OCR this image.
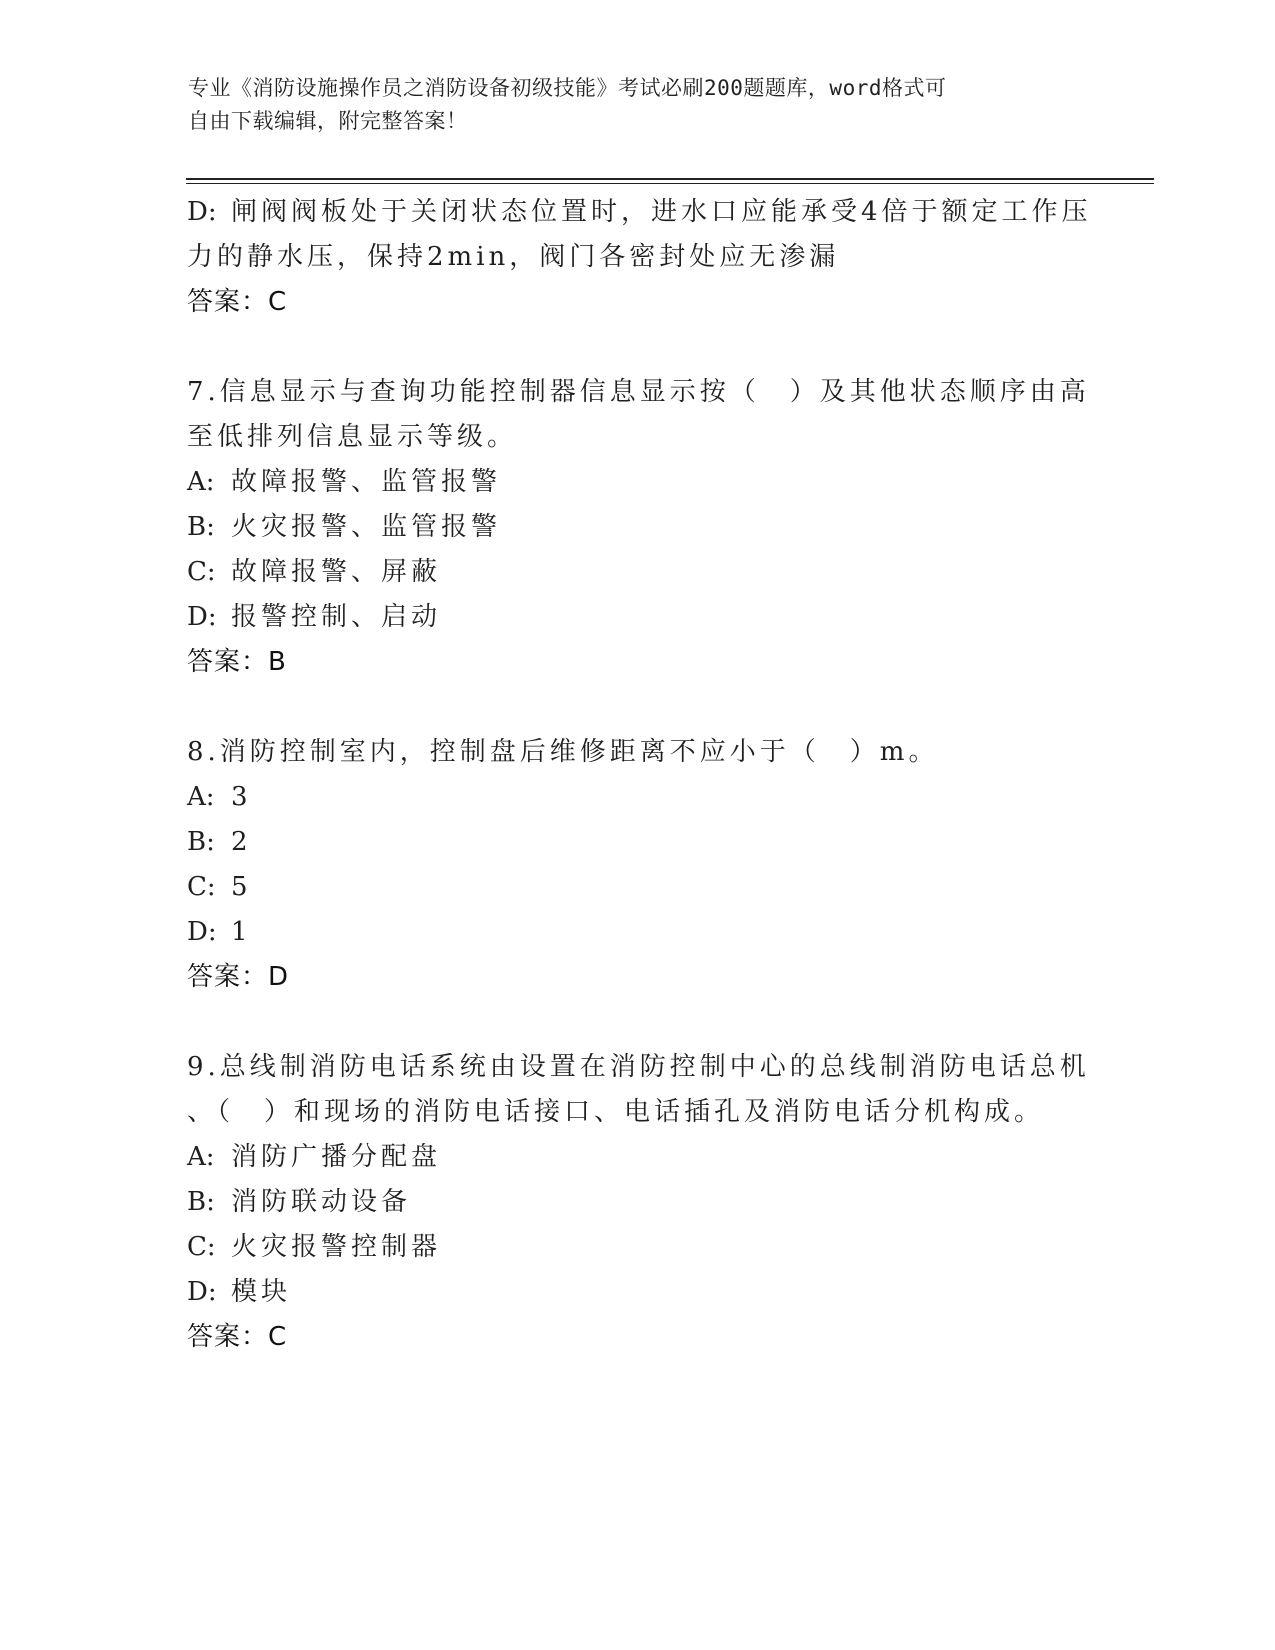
专业《消防设施操作员之消防设备初级技能》考试必刷200题题库，word格式可
自由下载编辑，附完整答案！
D: 闸阀阀板处于关闭状态位置时，进水口应能承受4倍于额定工作压
力的静水压，保持2min，阀门各密封处应无渗漏
答案：C
7.信息显示与查询功能控制器信息显示按（　）及其他状态顺序由高
至低排列信息显示等级。
A: 故障报警、监管报警
B: 火灾报警、监管报警
C: 故障报警、屏蔽
D: 报警控制、启动
答案：B
8.消防控制室内，控制盘后维修距离不应小于（　）m。
A: 3
B: 2
C: 5
D: 1
答案：D
9.总线制消防电话系统由设置在消防控制中心的总线制消防电话总机
、（　）和现场的消防电话接口、电话插孔及消防电话分机构成。
A: 消防广播分配盘
B: 消防联动设备
C: 火灾报警控制器
D: 模块
答案：C
